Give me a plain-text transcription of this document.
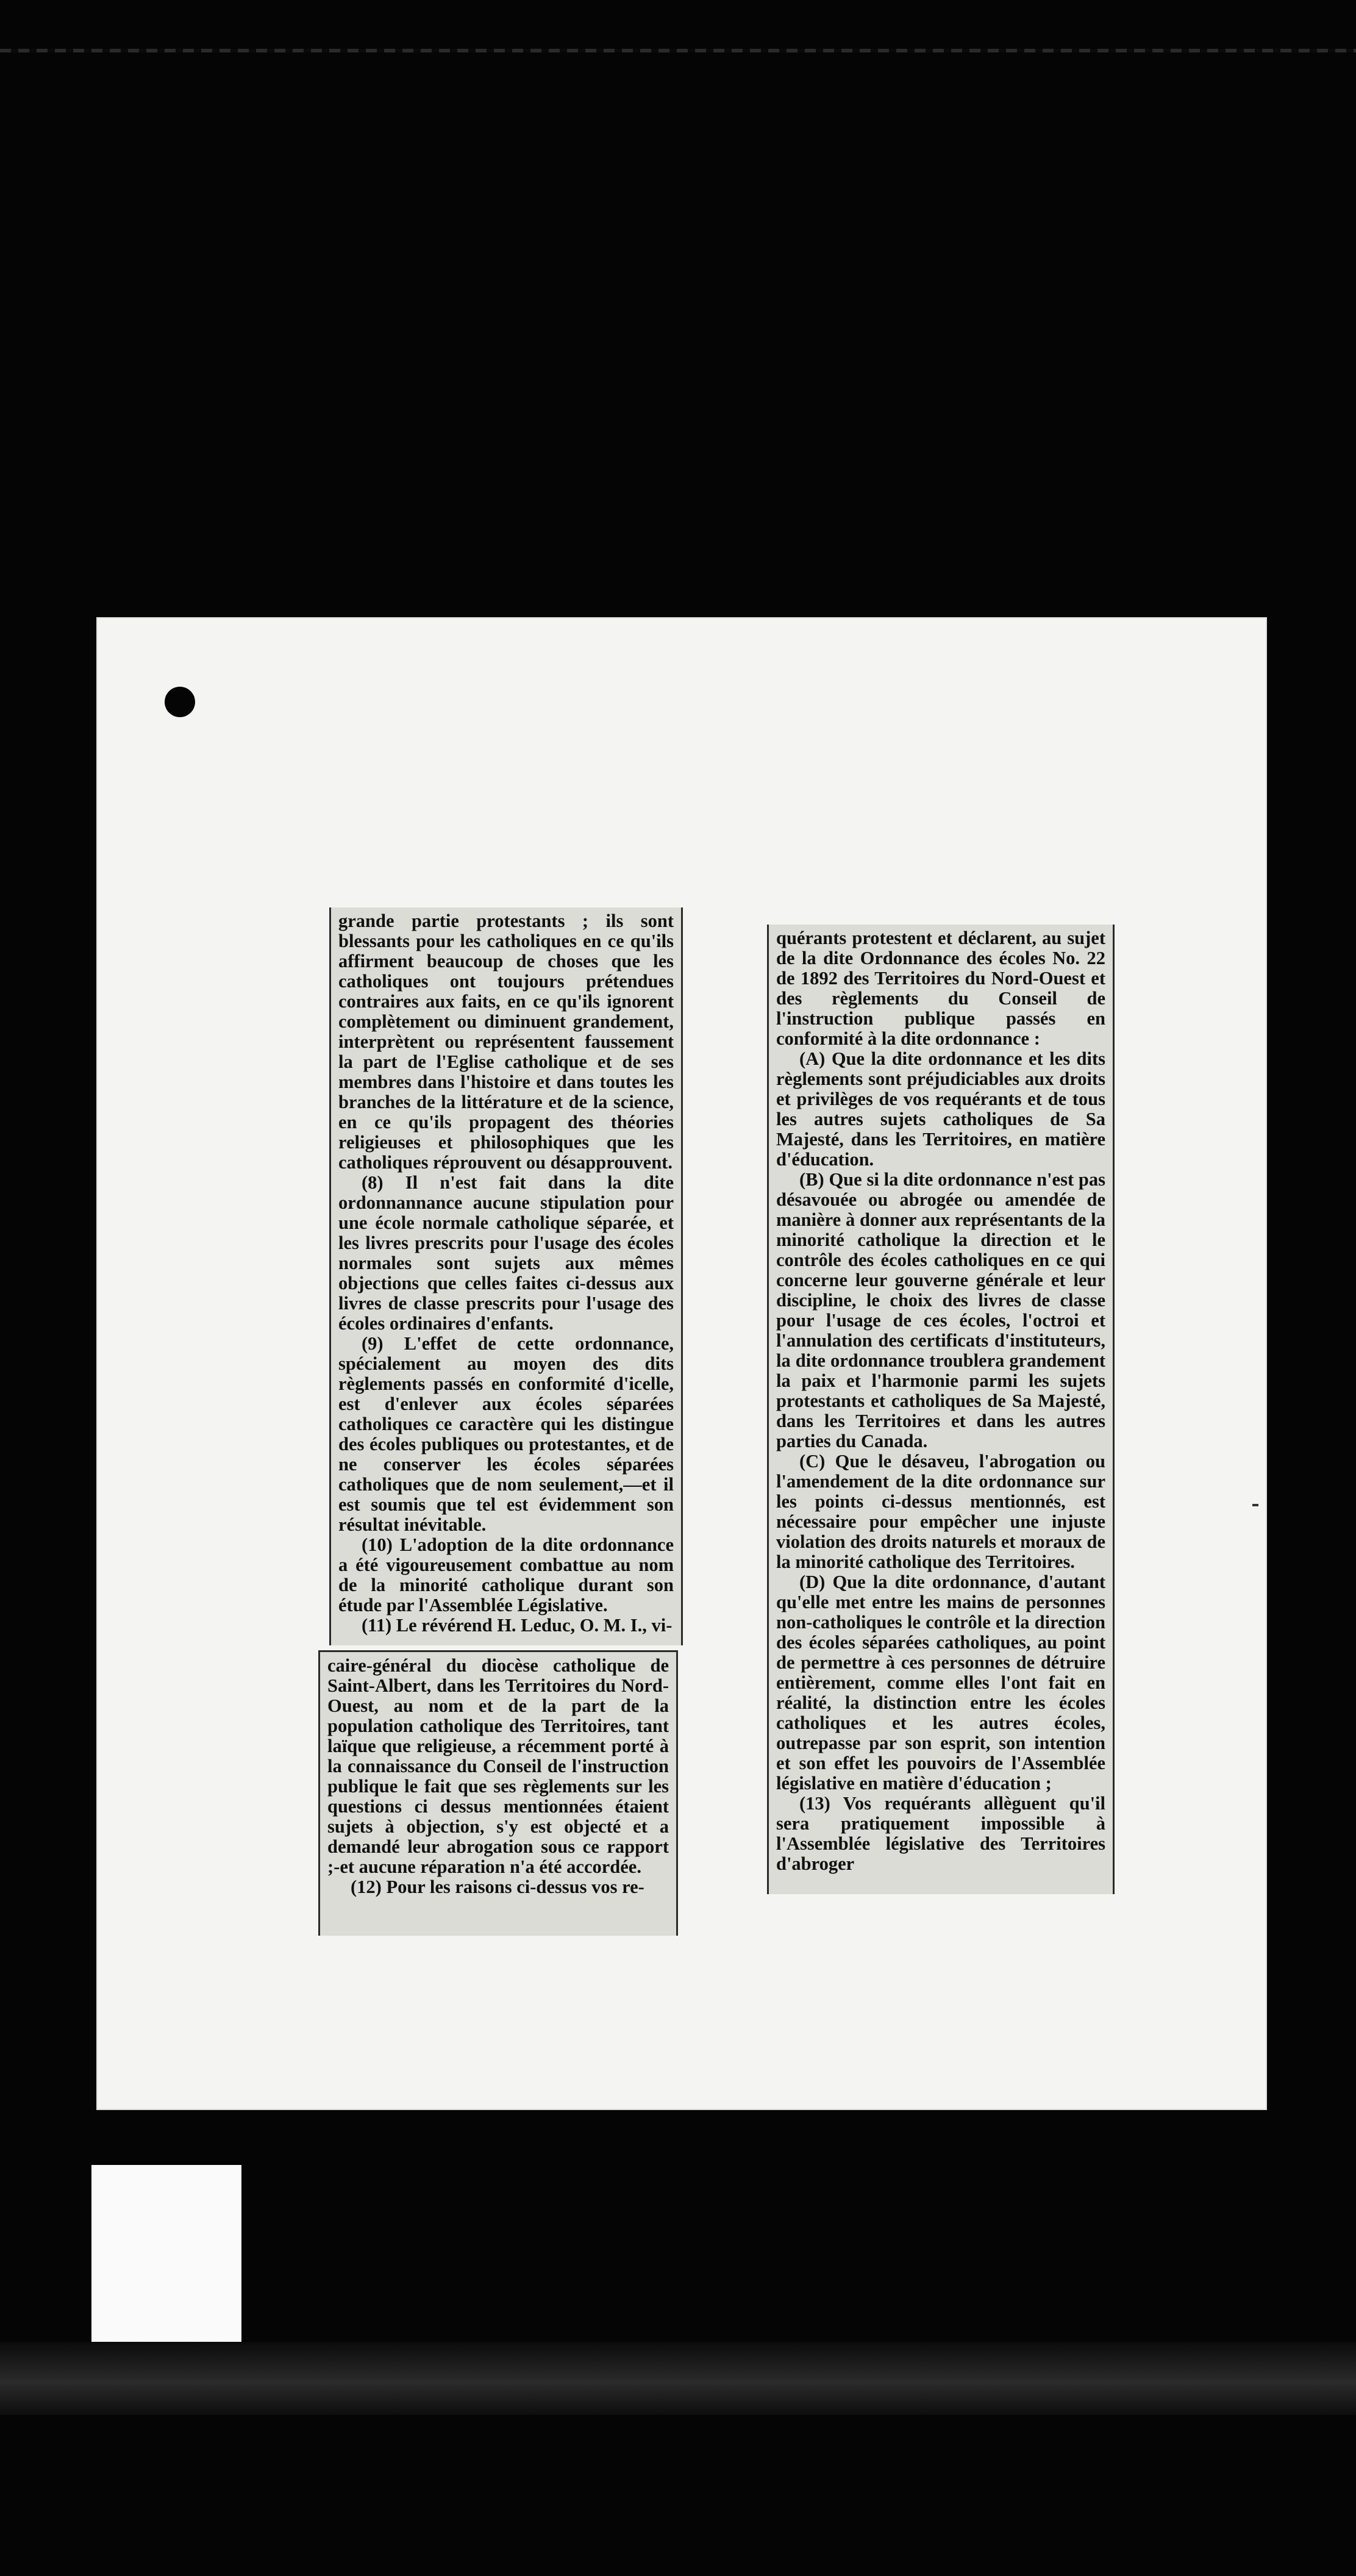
grande partie protestants ; ils sont blessants pour les catholiques en ce qu'ils affirment beaucoup de choses que les catholiques ont toujours prétendues contraires aux faits, en ce qu'ils ignorent complètement ou diminuent grandement, interprètent ou représentent faussement la part de l'Eglise catholique et de ses membres dans l'histoire et dans toutes les branches de la littérature et de la science, en ce qu'ils propagent des théories religieuses et philosophiques que les catholiques réprouvent ou désapprouvent.

(8) Il n'est fait dans la dite ordonnannance aucune stipulation pour une école normale catholique séparée, et les livres prescrits pour l'usage des écoles normales sont sujets aux mêmes objections que celles faites ci-dessus aux livres de classe prescrits pour l'usage des écoles ordinaires d'enfants.

(9) L'effet de cette ordonnance, spécialement au moyen des dits règlements passés en conformité d'icelle, est d'enlever aux écoles séparées catholiques ce caractère qui les distingue des écoles publiques ou protestantes, et de ne conserver les écoles séparées catholiques que de nom seulement,—et il est soumis que tel est évidemment son résultat inévitable.

(10) L'adoption de la dite ordonnance a été vigoureusement combattue au nom de la minorité catholique durant son étude par l'Assemblée Législative.

(11) Le révérend H. Leduc, O. M. I., vi-

caire-général du diocèse catholique de Saint-Albert, dans les Territoires du Nord-Ouest, au nom et de la part de la population catholique des Territoires, tant laïque que religieuse, a récemment porté à la connaissance du Conseil de l'instruction publique le fait que ses règlements sur les questions ci dessus mentionnées étaient sujets à objection, s'y est objecté et a demandé leur abrogation sous ce rapport ;-et aucune réparation n'a été accordée.

(12) Pour les raisons ci-dessus vos re-

quérants protestent et déclarent, au sujet de la dite Ordonnance des écoles No. 22 de 1892 des Territoires du Nord-Ouest et des règlements du Conseil de l'instruction publique passés en conformité à la dite ordonnance :

(A) Que la dite ordonnance et les dits règlements sont préjudiciables aux droits et privilèges de vos requérants et de tous les autres sujets catholiques de Sa Majesté, dans les Territoires, en matière d'éducation.

(B) Que si la dite ordonnance n'est pas désavouée ou abrogée ou amendée de manière à donner aux représentants de la minorité catholique la direction et le contrôle des écoles catholiques en ce qui concerne leur gouverne générale et leur discipline, le choix des livres de classe pour l'usage de ces écoles, l'octroi et l'annulation des certificats d'instituteurs, la dite ordonnance troublera grandement la paix et l'harmonie parmi les sujets protestants et catholiques de Sa Majesté, dans les Territoires et dans les autres parties du Canada.

(C) Que le désaveu, l'abrogation ou l'amendement de la dite ordonnance sur les points ci-dessus mentionnés, est nécessaire pour empêcher une injuste violation des droits naturels et moraux de la minorité catholique des Territoires.

(D) Que la dite ordonnance, d'autant qu'elle met entre les mains de personnes non-catholiques le contrôle et la direction des écoles séparées catholiques, au point de permettre à ces personnes de détruire entièrement, comme elles l'ont fait en réalité, la distinction entre les écoles catholiques et les autres écoles, outrepasse par son esprit, son intention et son effet les pouvoirs de l'Assemblée législative en matière d'éducation ;

(13) Vos requérants allèguent qu'il sera pratiquement impossible à l'Assemblée législative des Territoires d'abroger
